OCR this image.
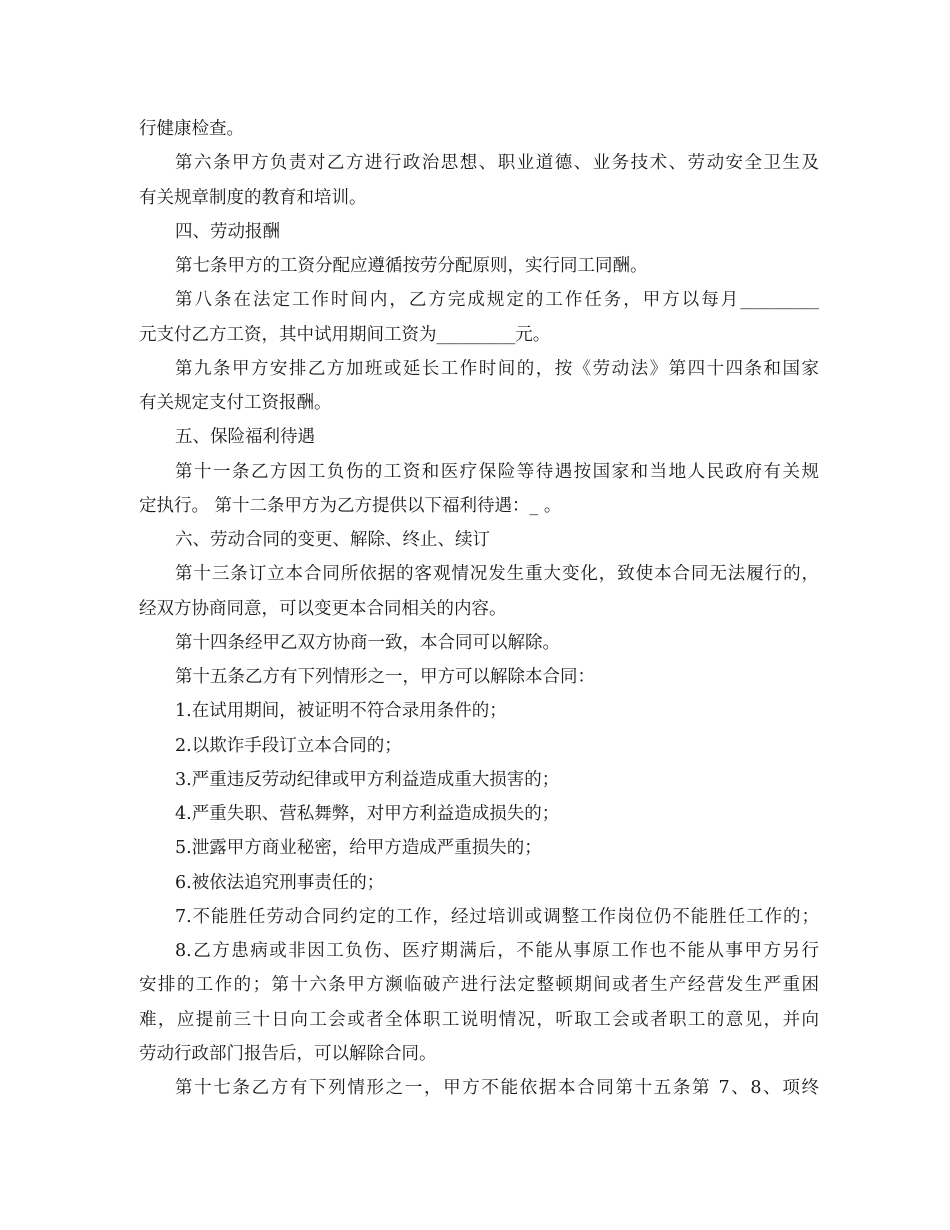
行健康检查。
第六条甲方负责对乙方进行政治思想、职业道德、业务技术、劳动安全卫生及
有关规章制度的教育和培训。
四、劳动报酬
第七条甲方的工资分配应遵循按劳分配原则，实行同工同酬。
第八条在法定工作时间内，乙方完成规定的工作任务，甲方以每月_________
元支付乙方工资，其中试用期间工资为_________元。
第九条甲方安排乙方加班或延长工作时间的，按《劳动法》第四十四条和国家
有关规定支付工资报酬。
五、保险福利待遇
第十一条乙方因工负伤的工资和医疗保险等待遇按国家和当地人民政府有关规
定执行。 第十二条甲方为乙方提供以下福利待遇：_ 。
六、劳动合同的变更、解除、终止、续订
第十三条订立本合同所依据的客观情况发生重大变化，致使本合同无法履行的，
经双方协商同意，可以变更本合同相关的内容。
第十四条经甲乙双方协商一致，本合同可以解除。
第十五条乙方有下列情形之一，甲方可以解除本合同：
1.在试用期间，被证明不符合录用条件的；
2.以欺诈手段订立本合同的；
3.严重违反劳动纪律或甲方利益造成重大损害的；
4.严重失职、营私舞弊，对甲方利益造成损失的；
5.泄露甲方商业秘密，给甲方造成严重损失的；
6.被依法追究刑事责任的；
7.不能胜任劳动合同约定的工作，经过培训或调整工作岗位仍不能胜任工作的；
8.乙方患病或非因工负伤、医疗期满后，不能从事原工作也不能从事甲方另行
安排的工作的；第十六条甲方濒临破产进行法定整顿期间或者生产经营发生严重困
难，应提前三十日向工会或者全体职工说明情况，听取工会或者职工的意见，并向
劳动行政部门报告后，可以解除合同。
第十七条乙方有下列情形之一，甲方不能依据本合同第十五条第 7、8、项终
